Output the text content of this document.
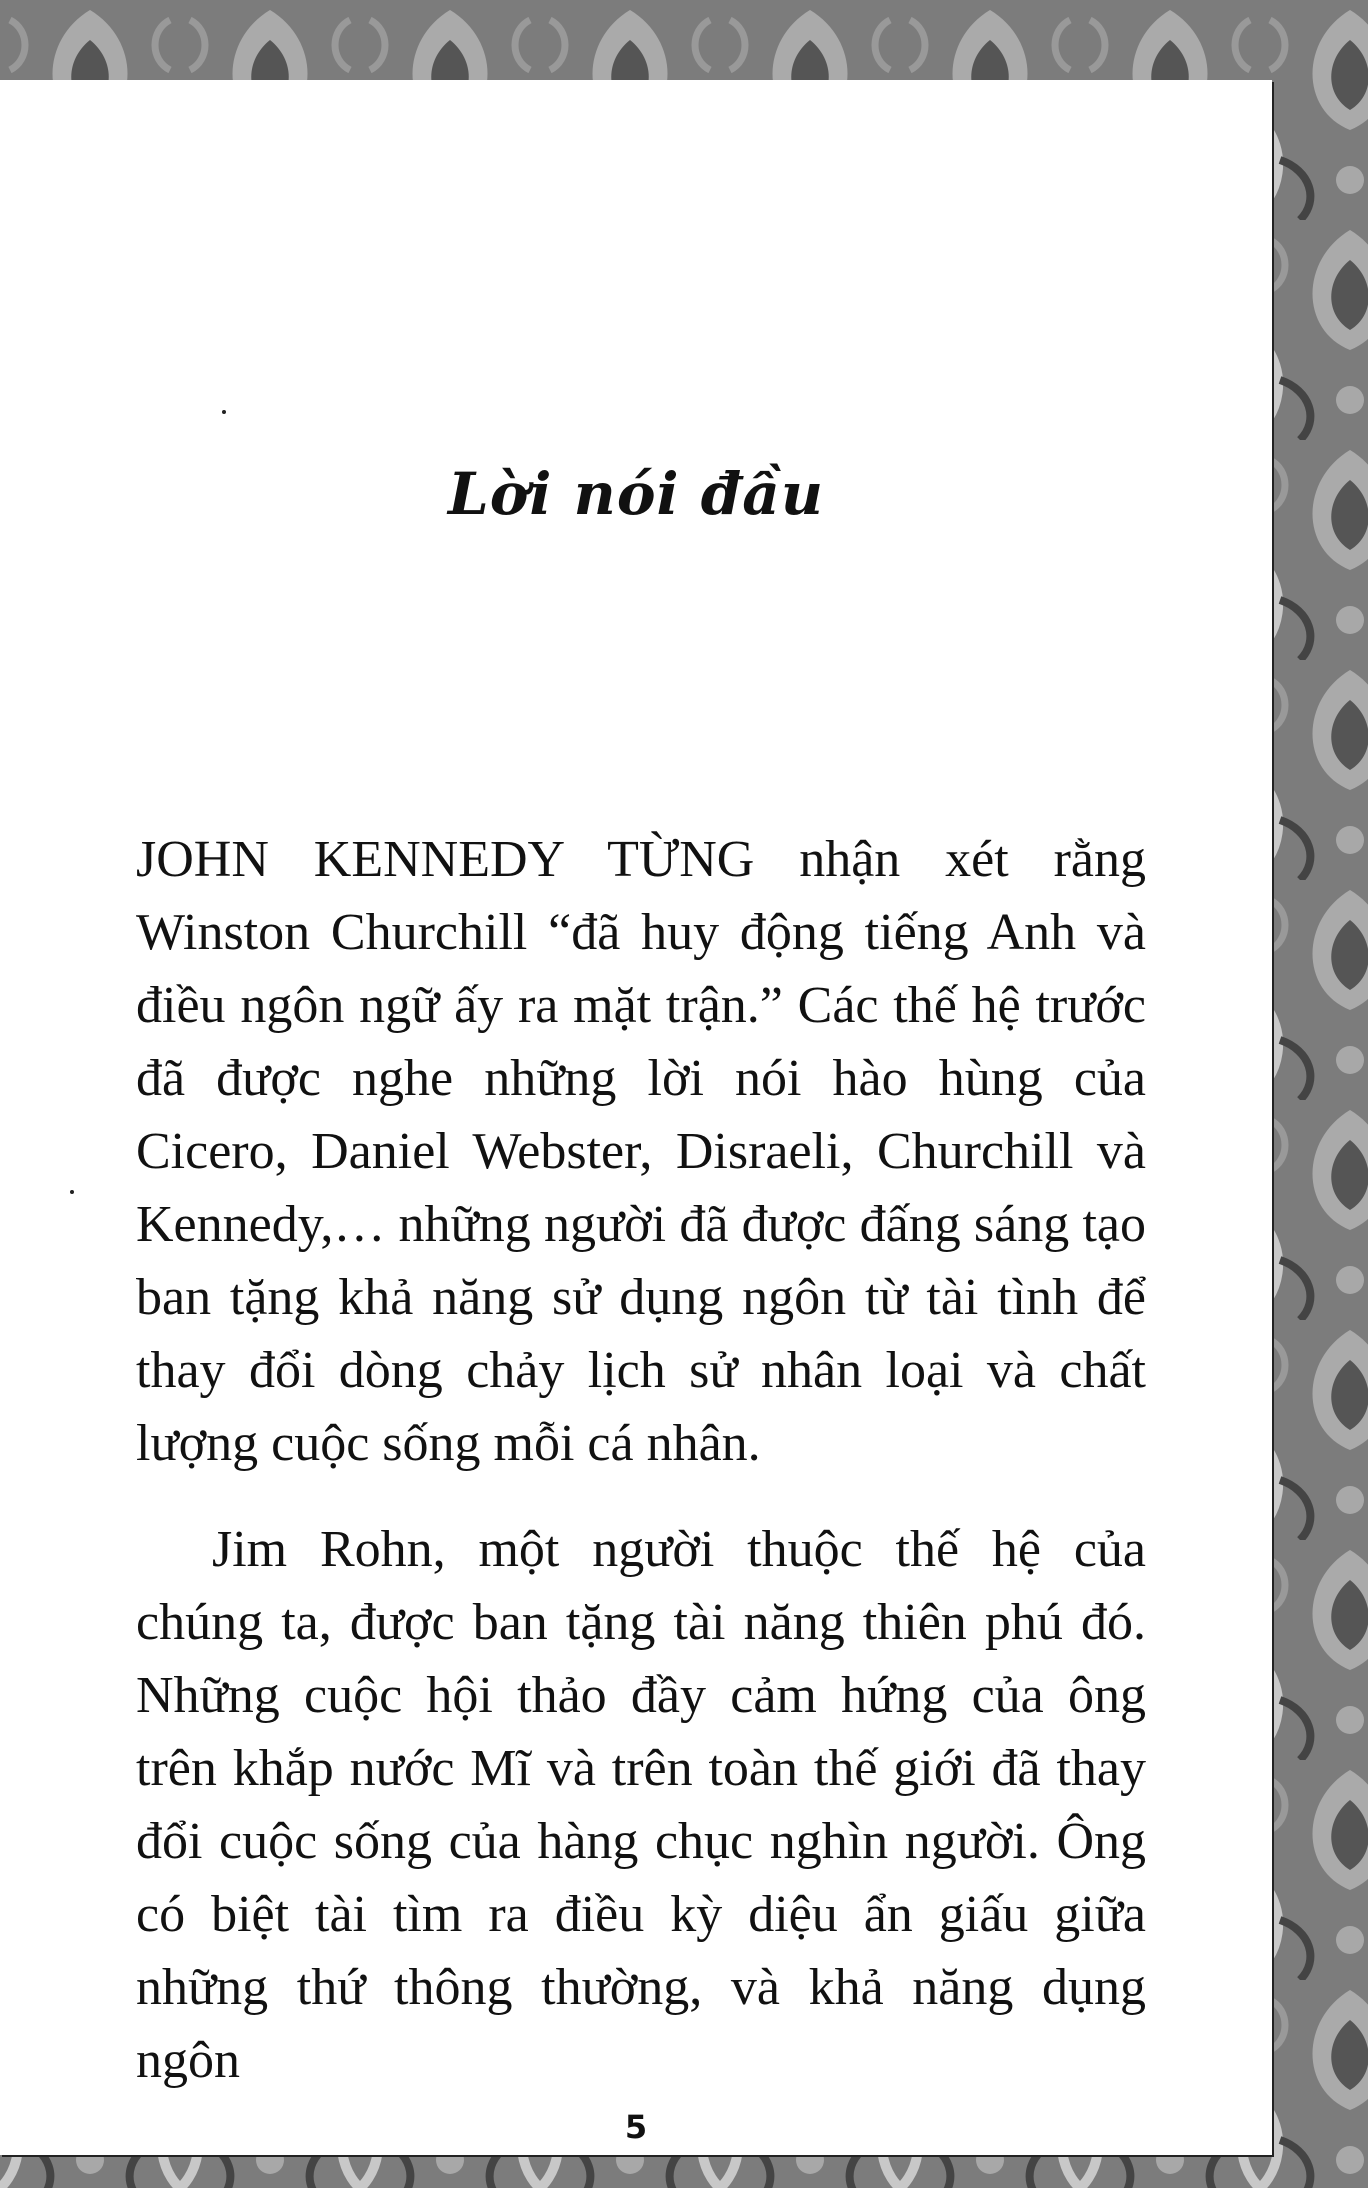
Lời nói đầu

JOHN KENNEDY TỪNG nhận xét rằng Winston Churchill “đã huy động tiếng Anh và điều ngôn ngữ ấy ra mặt trận.” Các thế hệ trước đã được nghe những lời nói hào hùng của Cicero, Daniel Webster, Disraeli, Churchill và Kennedy,… những người đã được đấng sáng tạo ban tặng khả năng sử dụng ngôn từ tài tình để thay đổi dòng chảy lịch sử nhân loại và chất lượng cuộc sống mỗi cá nhân.

Jim Rohn, một người thuộc thế hệ của chúng ta, được ban tặng tài năng thiên phú đó. Những cuộc hội thảo đầy cảm hứng của ông trên khắp nước Mĩ và trên toàn thế giới đã thay đổi cuộc sống của hàng chục nghìn người. Ông có biệt tài tìm ra điều kỳ diệu ẩn giấu giữa những thứ thông thường, và khả năng dụng ngôn

5
